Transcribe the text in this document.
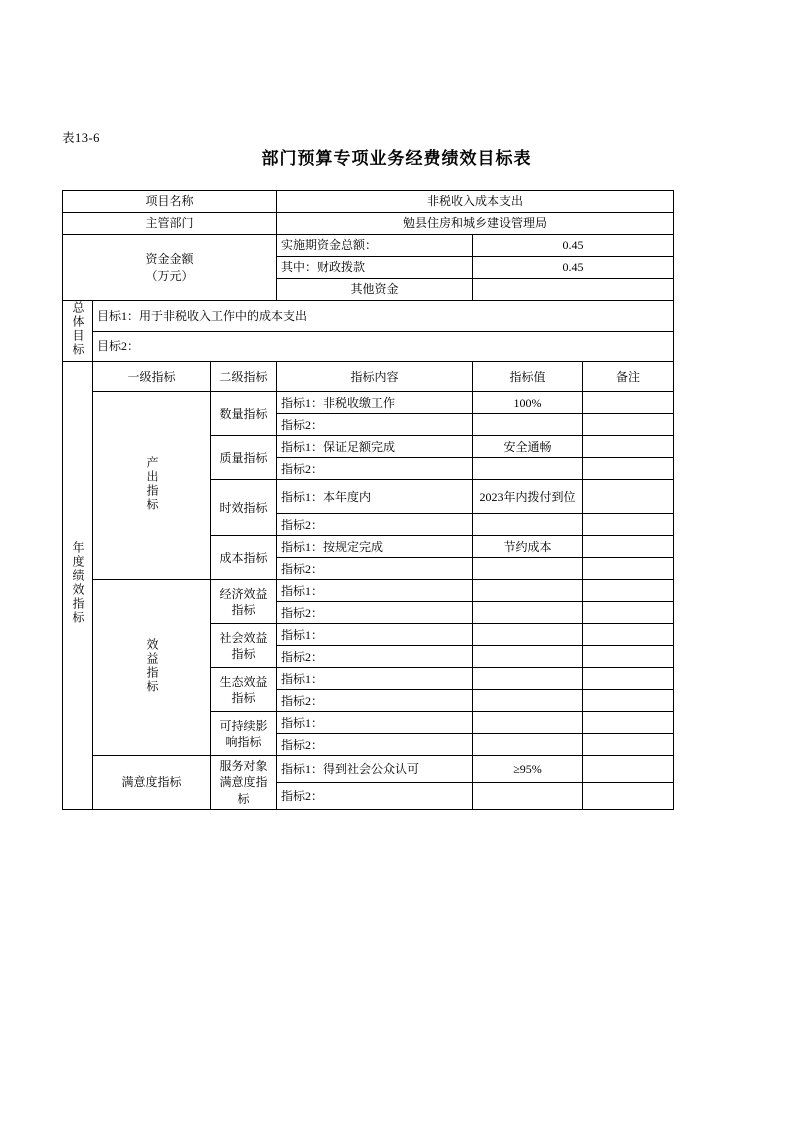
表13-6
部门预算专项业务经费绩效目标表
项目名称			非税收入成本支出		
主管部门			勉县住房和城乡建设管理局		

资金金额
（万元）			实施期资金总额：	0.45	
			其中：财政拨款	0.45	
			其他资金		
总体目标	目标1：用于非税收入工作中的成本支出				
	目标2：				
年度绩效指标	一级指标	二级指标	指标内容	指标值	备注
	产出指标	数量指标	指标1：非税收缴工作	100%	
			指标2：		
		质量指标	指标1：保证足额完成	安全通畅	
			指标2：		
		时效指标	指标1：本年度内	2023年内拨付到位	
			指标2：		
		成本指标	指标1：按规定完成	节约成本	
			指标2：		
	效益指标	经济效益指标	指标1：		
			指标2：		
		社会效益指标	指标1：		
			指标2：		
		生态效益指标	指标1：		
			指标2：		
		可持续影响指标	指标1：		
			指标2：		
	满意度指标	服务对象满意度指标	指标1：得到社会公众认可	≥95%	
			指标2：		
